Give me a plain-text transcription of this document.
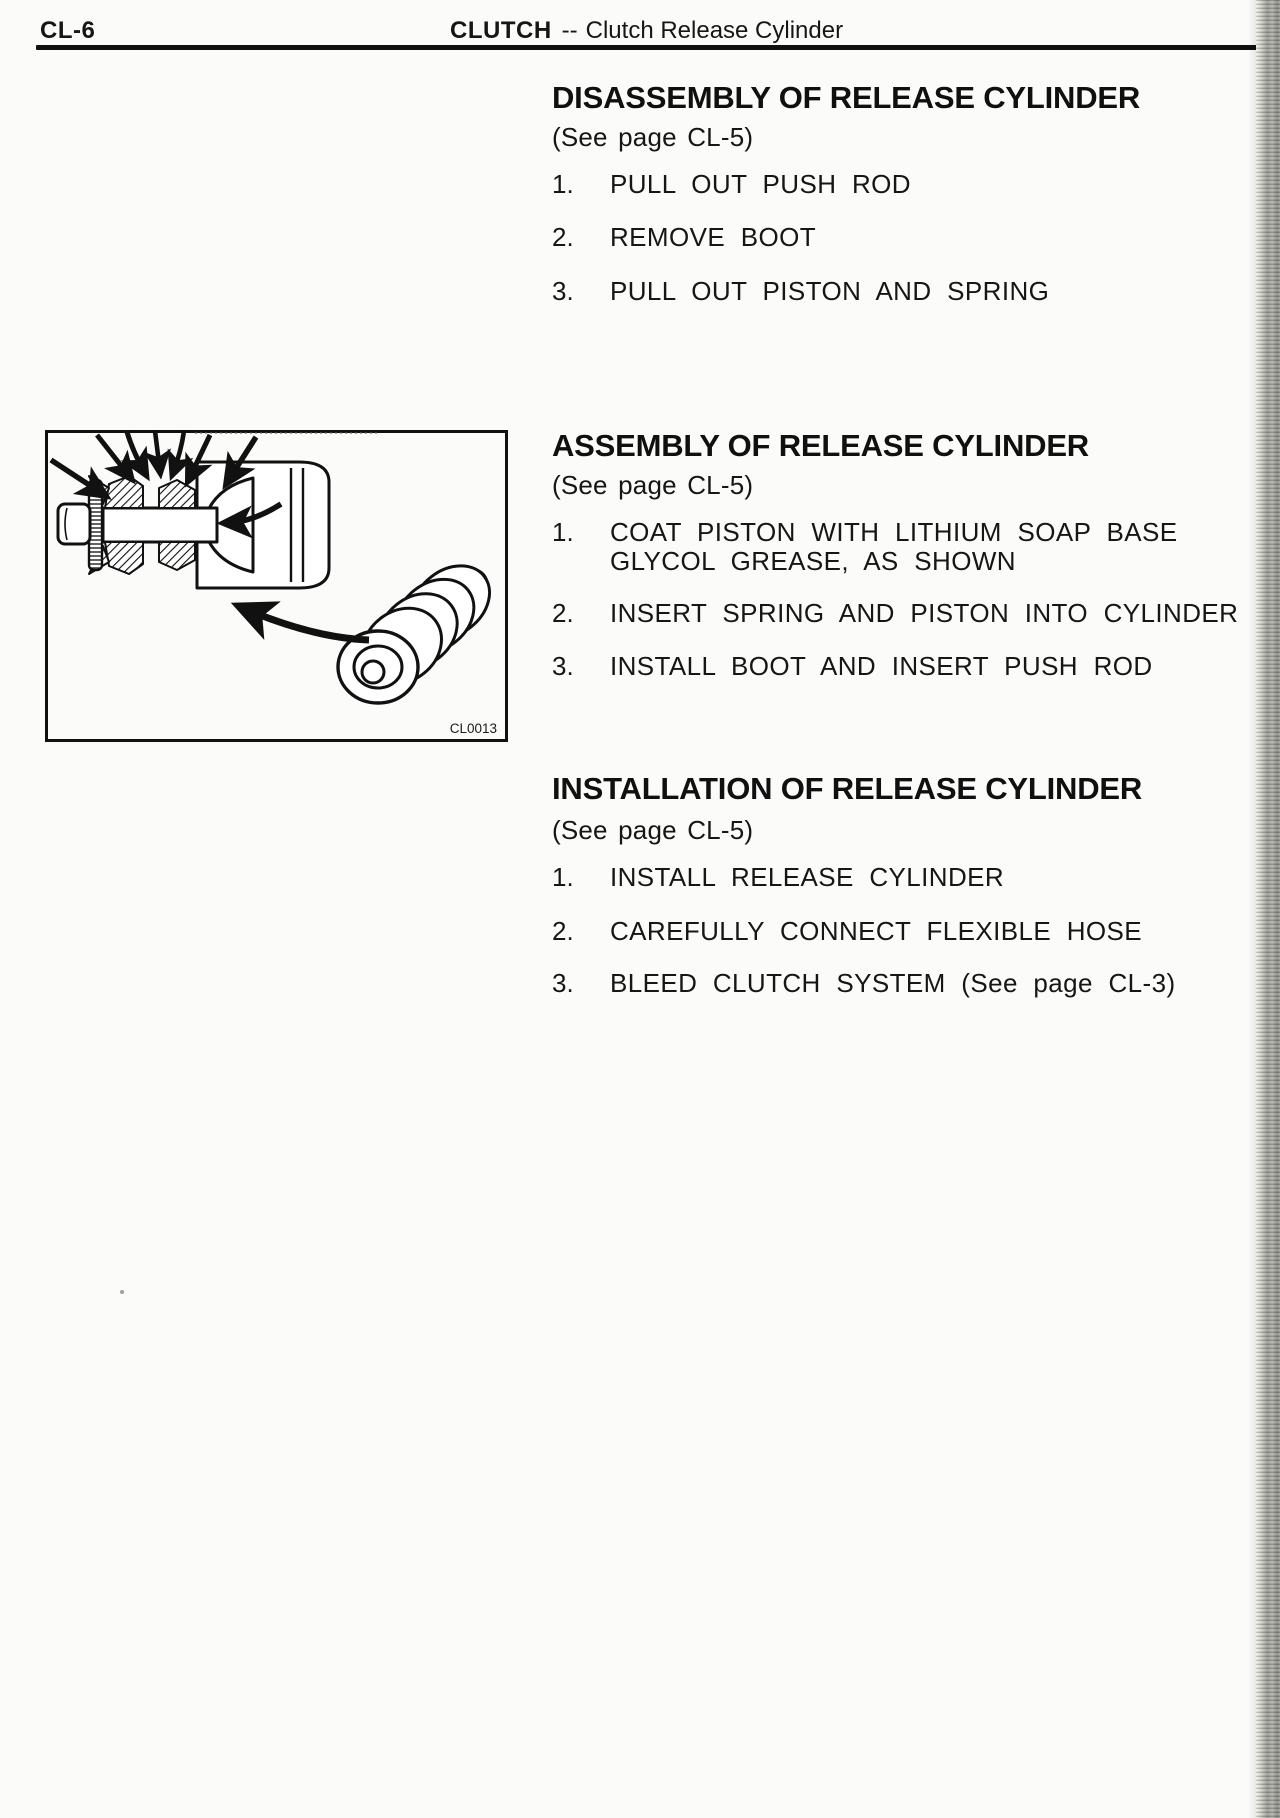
CL-6	CLUTCH -- Clutch Release Cylinder
DISASSEMBLY OF RELEASE CYLINDER
(See page CL-5)
1. PULL OUT PUSH ROD
2. REMOVE BOOT
3. PULL OUT PISTON AND SPRING
ASSEMBLY OF RELEASE CYLINDER
(See page CL-5)
1. COAT PISTON WITH LITHIUM SOAP BASE GLYCOL GREASE, AS SHOWN
2. INSERT SPRING AND PISTON INTO CYLINDER
3. INSTALL BOOT AND INSERT PUSH ROD
CL0013
INSTALLATION OF RELEASE CYLINDER
(See page CL-5)
1. INSTALL RELEASE CYLINDER
2. CAREFULLY CONNECT FLEXIBLE HOSE
3. BLEED CLUTCH SYSTEM (See page CL-3)
